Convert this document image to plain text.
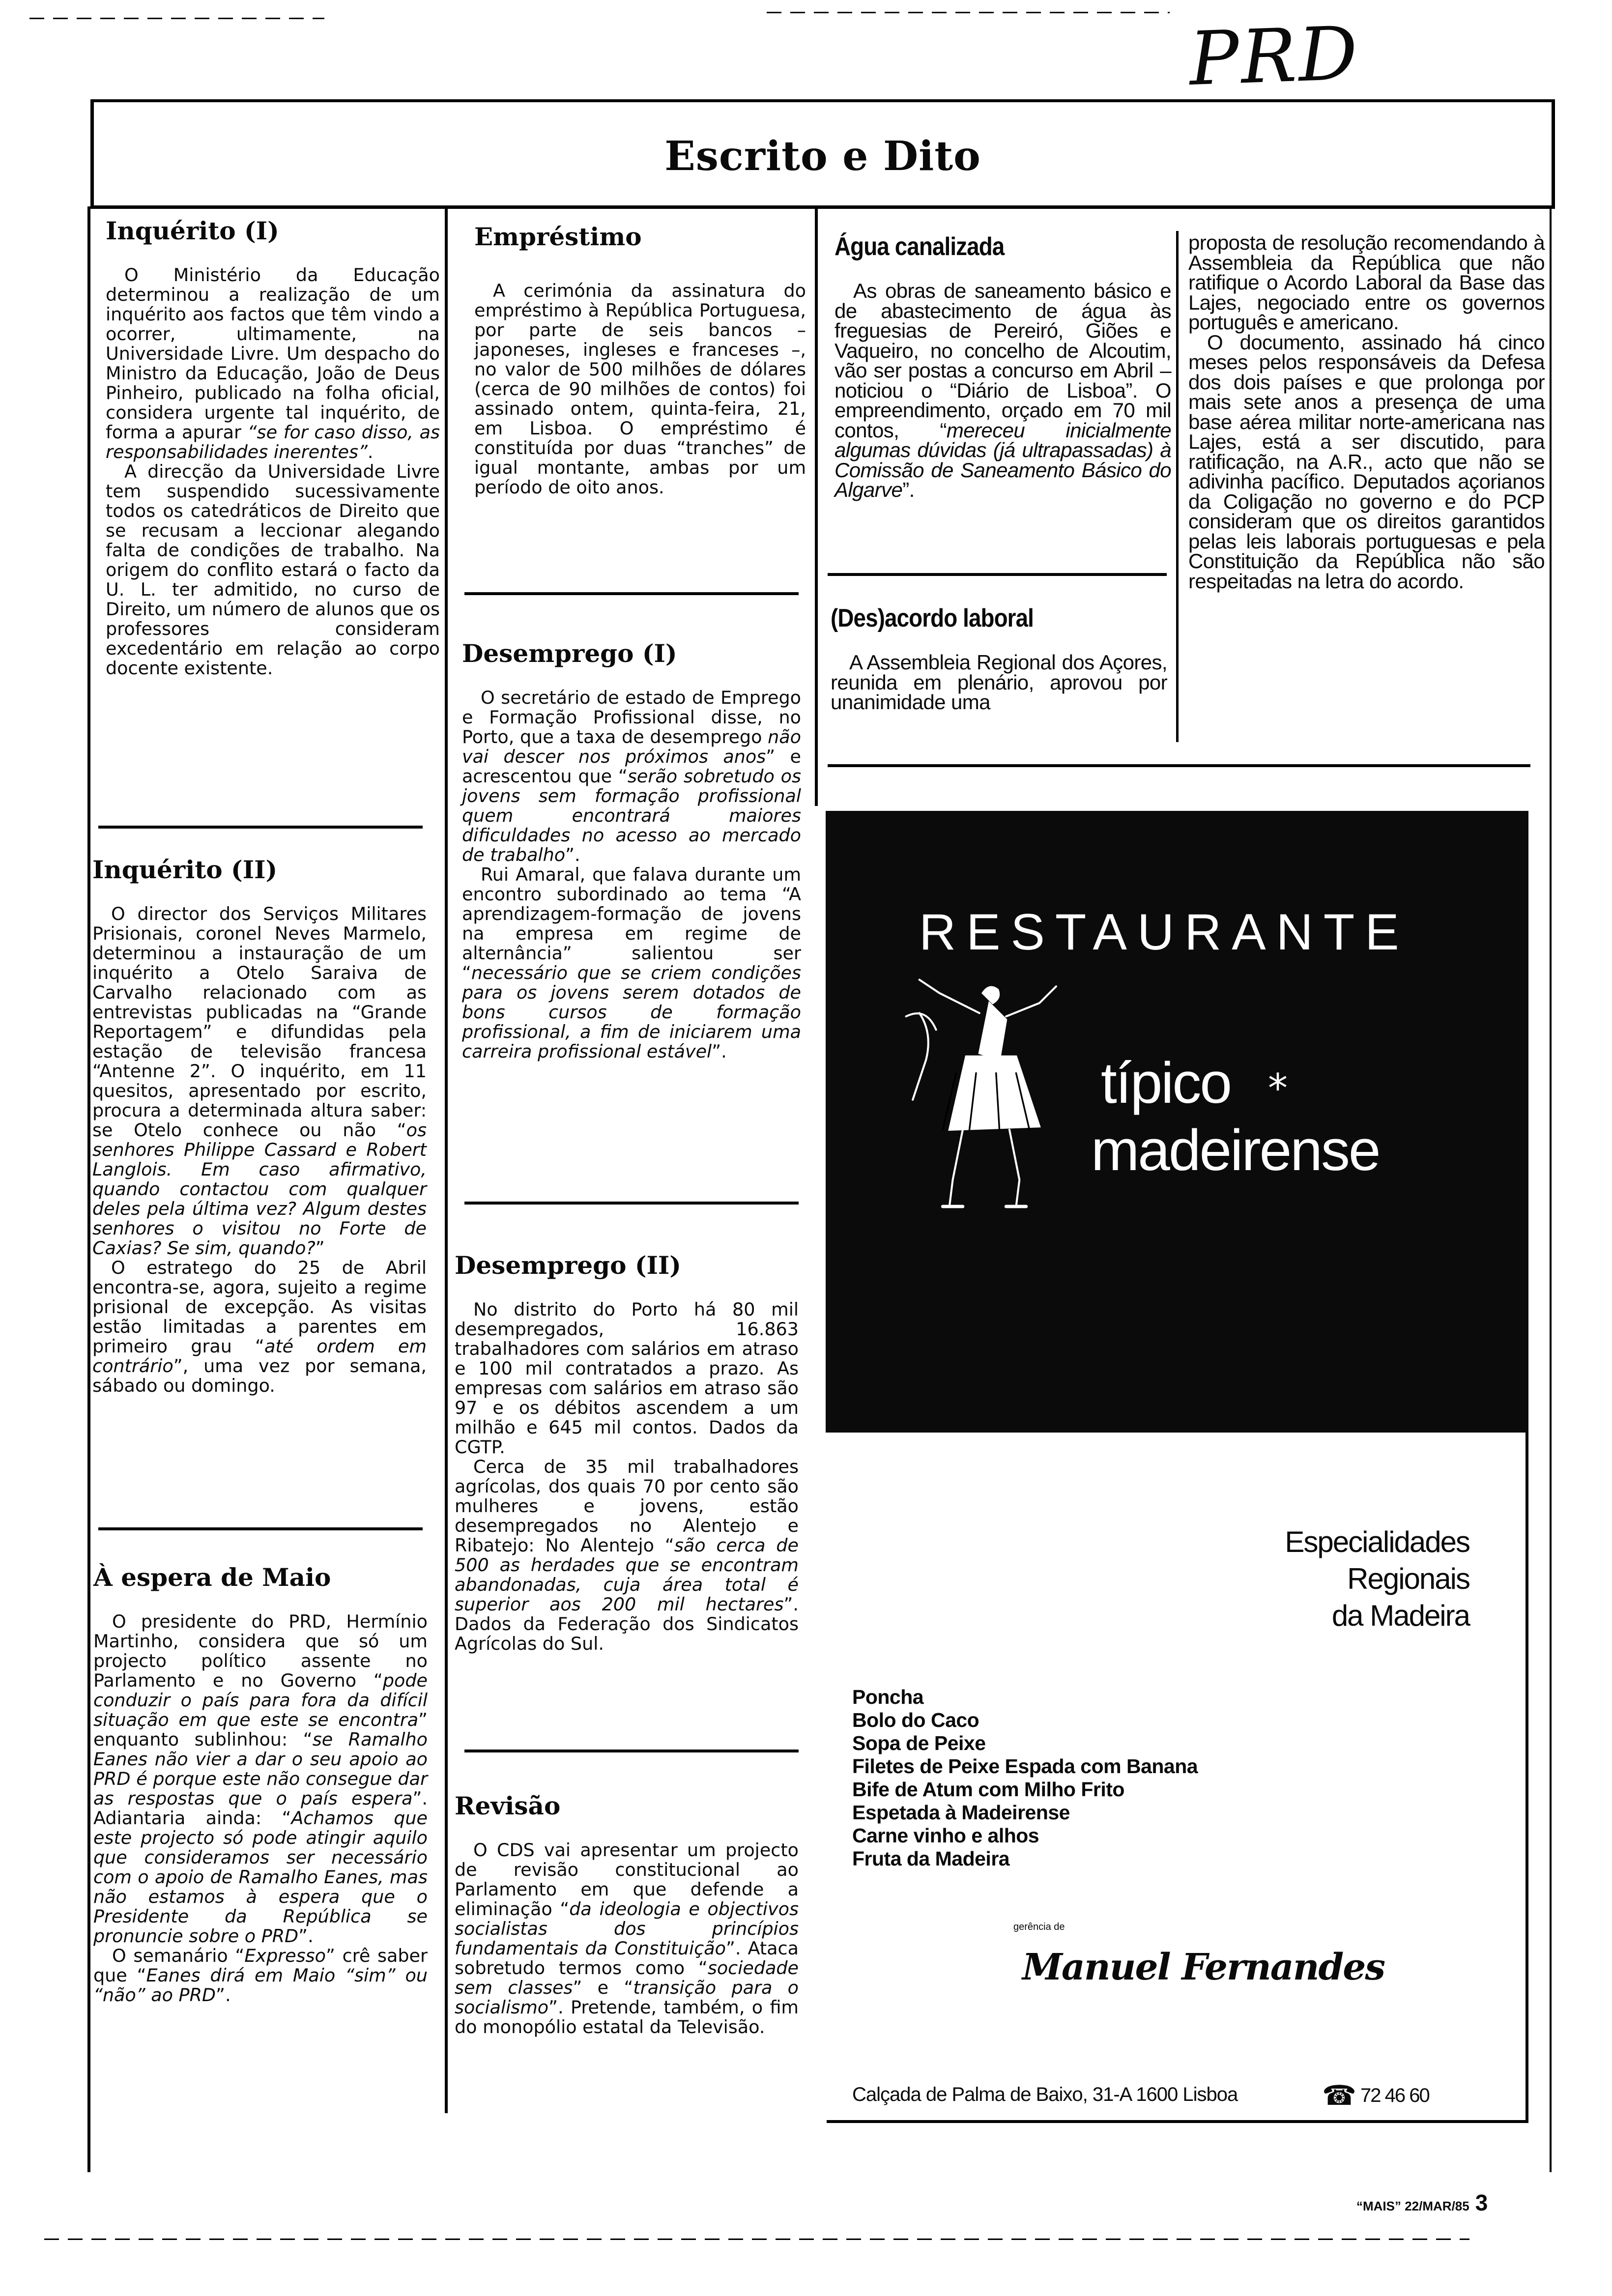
PRD
Escrito e Dito
Inquérito (I)

O Ministério da Educação determinou a realização de um inquérito aos factos que têm vindo a ocorrer, ultimamente, na Universidade Livre. Um despacho do Ministro da Educação, João de Deus Pinheiro, publicado na folha oficial, considera urgente tal inquérito, de forma a apurar “se for caso disso, as responsabilidades inerentes”.

A direcção da Universidade Livre tem suspendido sucessivamente todos os catedráticos de Direito que se recusam a leccionar alegando falta de condições de trabalho. Na origem do conflito estará o facto da U. L. ter admitido, no curso de Direito, um número de alunos que os professores consideram excedentário em relação ao corpo docente existente.

Inquérito (II)

O director dos Serviços Militares Prisionais, coronel Neves Marmelo, determinou a instauração de um inquérito a Otelo Saraiva de Carvalho relacionado com as entrevistas publicadas na “Grande Reportagem” e difundidas pela estação de televisão francesa “Antenne 2”. O inquérito, em 11 quesitos, apresentado por escrito, procura a determinada altura saber: se Otelo conhece ou não “os senhores Philippe Cassard e Robert Langlois. Em caso afirmativo, quando contactou com qualquer deles pela última vez? Algum destes senhores o visitou no Forte de Caxias? Se sim, quando?”

O estratego do 25 de Abril encontra-se, agora, sujeito a regime prisional de excepção. As visitas estão limitadas a parentes em primeiro grau “até ordem em contrário”, uma vez por semana, sábado ou domingo.

À espera de Maio

O presidente do PRD, Hermínio Martinho, considera que só um projecto político assente no Parlamento e no Governo “pode conduzir o país para fora da difícil situação em que este se encontra” enquanto sublinhou: “se Ramalho Eanes não vier a dar o seu apoio ao PRD é porque este não consegue dar as respostas que o país espera”. Adiantaria ainda: “Achamos que este projecto só pode atingir aquilo que consideramos ser necessário com o apoio de Ramalho Eanes, mas não estamos à espera que o Presidente da República se pronuncie sobre o PRD”.

O semanário “Expresso” crê saber que “Eanes dirá em Maio “sim” ou “não” ao PRD”.

Empréstimo

A cerimónia da assinatura do empréstimo à República Portuguesa, por parte de seis bancos – japoneses, ingleses e franceses –, no valor de 500 milhões de dólares (cerca de 90 milhões de contos) foi assinado ontem, quinta-feira, 21, em Lisboa. O empréstimo é constituída por duas “tranches” de igual montante, ambas por um período de oito anos.

Desemprego (I)

O secretário de estado de Emprego e Formação Profissional disse, no Porto, que a taxa de desemprego não vai descer nos próximos anos” e acrescentou que “serão sobretudo os jovens sem formação profissional quem encontrará maiores dificuldades no acesso ao mercado de trabalho”.

Rui Amaral, que falava durante um encontro subordinado ao tema “A aprendizagem-formação de jovens na empresa em regime de alternância” salientou ser “necessário que se criem condições para os jovens serem dotados de bons cursos de formação profissional, a fim de iniciarem uma carreira profissional estável”.

Desemprego (II)

No distrito do Porto há 80 mil desempregados, 16.863 trabalhadores com salários em atraso e 100 mil contratados a prazo. As empresas com salários em atraso são 97 e os débitos ascendem a um milhão e 645 mil contos. Dados da CGTP.

Cerca de 35 mil trabalhadores agrícolas, dos quais 70 por cento são mulheres e jovens, estão desempregados no Alentejo e Ribatejo: No Alentejo “são cerca de 500 as herdades que se encontram abandonadas, cuja área total é superior aos 200 mil hectares”. Dados da Federação dos Sindicatos Agrícolas do Sul.

Revisão

O CDS vai apresentar um projecto de revisão constitucional ao Parlamento em que defende a eliminação “da ideologia e objectivos socialistas dos princípios fundamentais da Constituição”. Ataca sobretudo termos como “sociedade sem classes” e “transição para o socialismo”. Pretende, também, o fim do monopólio estatal da Televisão.

Água canalizada

As obras de saneamento básico e de abastecimento de água às freguesias de Pereiró, Giões e Vaqueiro, no concelho de Alcoutim, vão ser postas a concurso em Abril – noticiou o “Diário de Lisboa”. O empreendimento, orçado em 70 mil contos, “mereceu inicialmente algumas dúvidas (já ultrapassadas) à Comissão de Saneamento Básico do Algarve”.

(Des)acordo laboral

A Assembleia Regional dos Açores, reunida em plenário, aprovou por unanimidade uma

proposta de resolução recomendando à Assembleia da República que não ratifique o Acordo Laboral da Base das Lajes, negociado entre os governos português e americano.

O documento, assinado há cinco meses pelos responsáveis da Defesa dos dois países e que prolonga por mais sete anos a presença de uma base aérea militar norte-americana nas Lajes, está a ser discutido, para ratificação, na A.R., acto que não se adivinha pacífico. Deputados açorianos da Coligação no governo e do PCP consideram que os direitos garantidos pelas leis laborais portuguesas e pela Constituição da República não são respeitadas na letra do acordo.

RESTAURANTE
típico *
madeirense
Especialidades
Regionais
da Madeira
Poncha
Bolo do Caco
Sopa de Peixe
Filetes de Peixe Espada com Banana
Bife de Atum com Milho Frito
Espetada à Madeirense
Carne vinho e alhos
Fruta da Madeira
gerência de
Manuel Fernandes
Calçada de Palma de Baixo, 31-A 1600 Lisboa	☎ 72 46 60
“MAIS” 22/MAR/85 3
